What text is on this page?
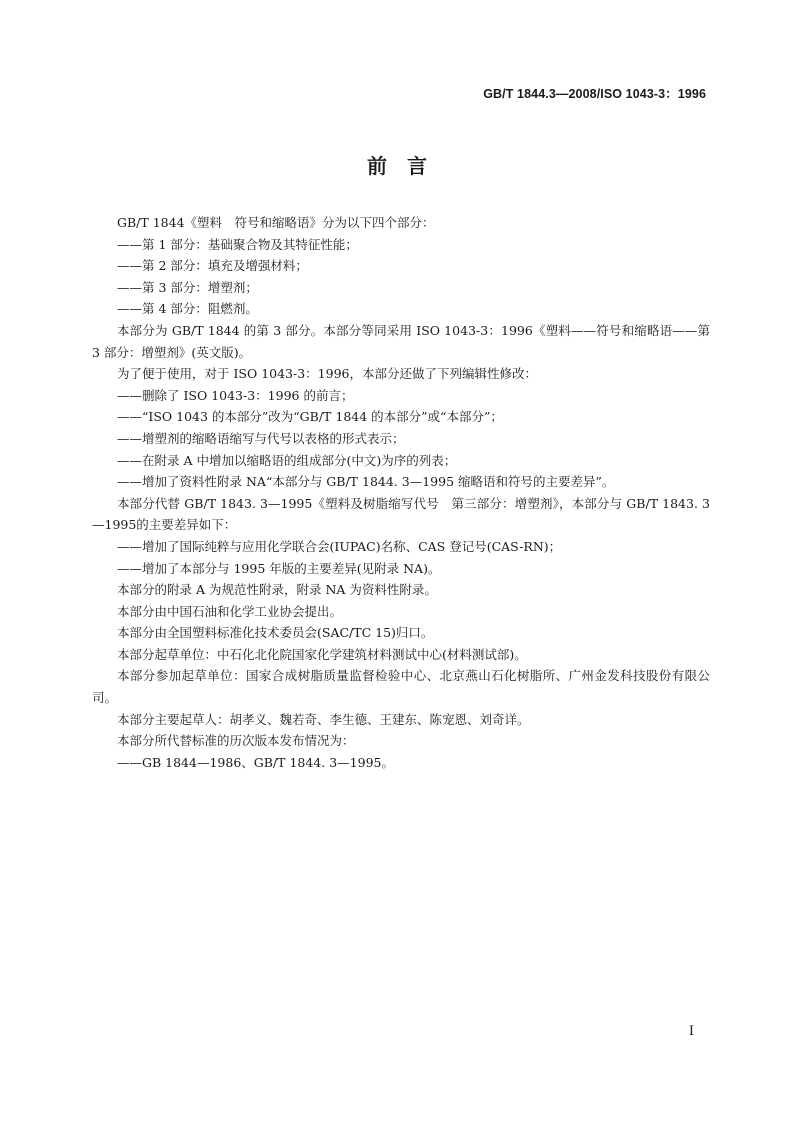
GB/T 1844.3—2008/ISO 1043-3：1996
前　言

GB/T 1844《塑料　符号和缩略语》分为以下四个部分：

——第 1 部分：基础聚合物及其特征性能；

——第 2 部分：填充及增强材料；

——第 3 部分：增塑剂；

——第 4 部分：阻燃剂。

本部分为 GB/T 1844 的第 3 部分。本部分等同采用 ISO 1043-3：1996《塑料——符号和缩略语——第 3 部分：增塑剂》(英文版)。

为了便于使用，对于 ISO 1043-3：1996，本部分还做了下列编辑性修改：

——删除了 ISO 1043-3：1996 的前言；

——“ISO 1043 的本部分”改为“GB/T 1844 的本部分”或“本部分”；

——增塑剂的缩略语缩写与代号以表格的形式表示；

——在附录 A 中增加以缩略语的组成部分(中文)为序的列表；

——增加了资料性附录 NA“本部分与 GB/T 1844. 3—1995 缩略语和符号的主要差异”。

本部分代替 GB/T 1843. 3—1995《塑料及树脂缩写代号　第三部分：增塑剂》，本部分与 GB/T 1843. 3—1995的主要差异如下：

——增加了国际纯粹与应用化学联合会(IUPAC)名称、CAS 登记号(CAS-RN)；

——增加了本部分与 1995 年版的主要差异(见附录 NA)。

本部分的附录 A 为规范性附录，附录 NA 为资料性附录。

本部分由中国石油和化学工业协会提出。

本部分由全国塑料标准化技术委员会(SAC/TC 15)归口。

本部分起草单位：中石化北化院国家化学建筑材料测试中心(材料测试部)。

本部分参加起草单位：国家合成树脂质量监督检验中心、北京燕山石化树脂所、广州金发科技股份有限公司。

本部分主要起草人：胡孝义、魏若奇、李生德、王建东、陈宠恩、刘奇详。

本部分所代替标准的历次版本发布情况为：

——GB 1844—1986、GB/T 1844. 3—1995。

I
